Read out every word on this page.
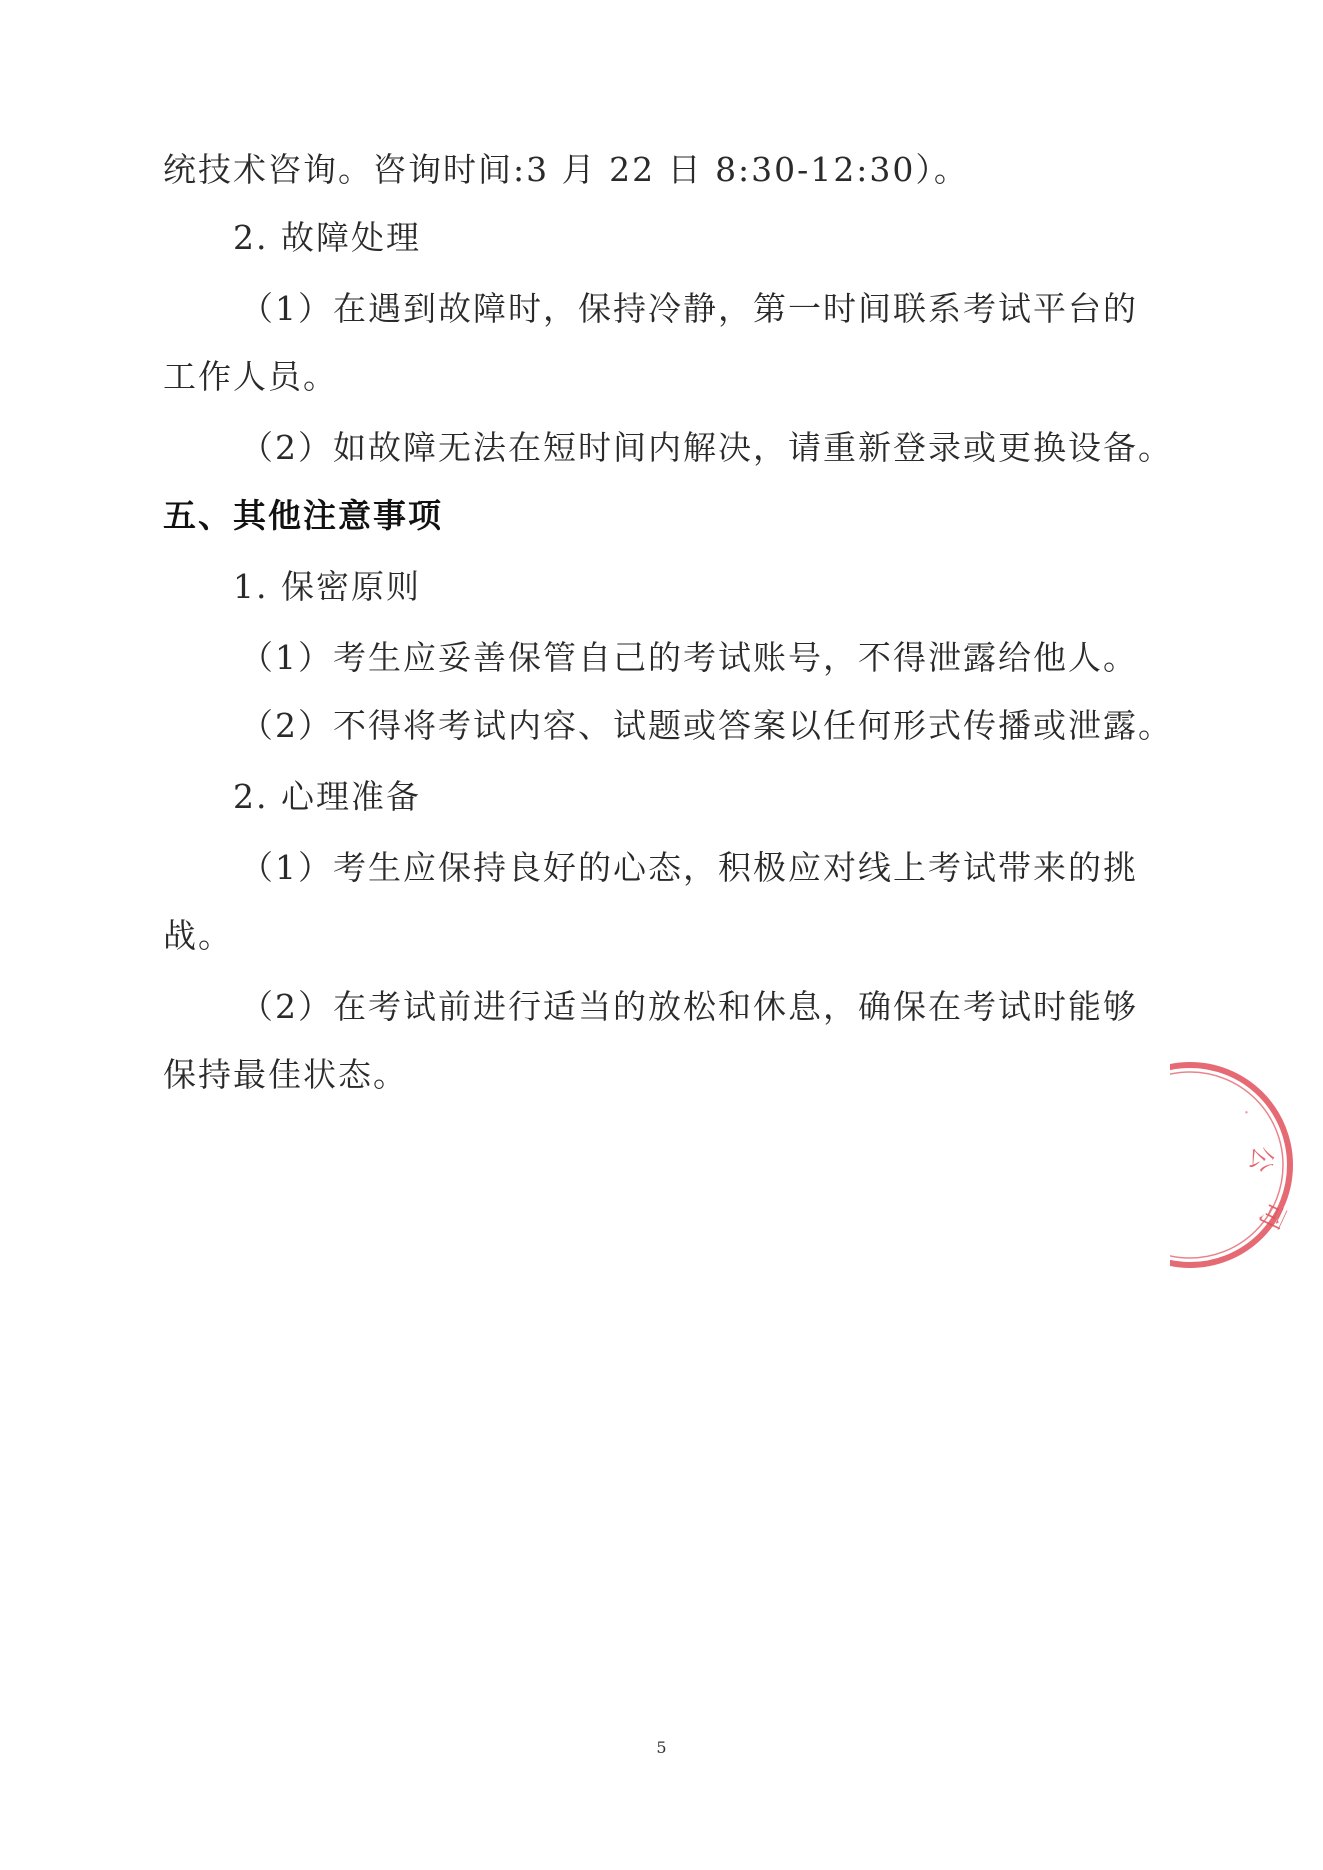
统技术咨询。咨询时间:3 月 22 日 8:30-12:30）。
2. 故障处理
（1）在遇到故障时，保持冷静，第一时间联系考试平台的
工作人员。
（2）如故障无法在短时间内解决，请重新登录或更换设备。
五、其他注意事项
1. 保密原则
（1）考生应妥善保管自己的考试账号，不得泄露给他人。
（2）不得将考试内容、试题或答案以任何形式传播或泄露。
2. 心理准备
（1）考生应保持良好的心态，积极应对线上考试带来的挑
战。
（2）在考试前进行适当的放松和休息，确保在考试时能够
保持最佳状态。
公
司
·
5
